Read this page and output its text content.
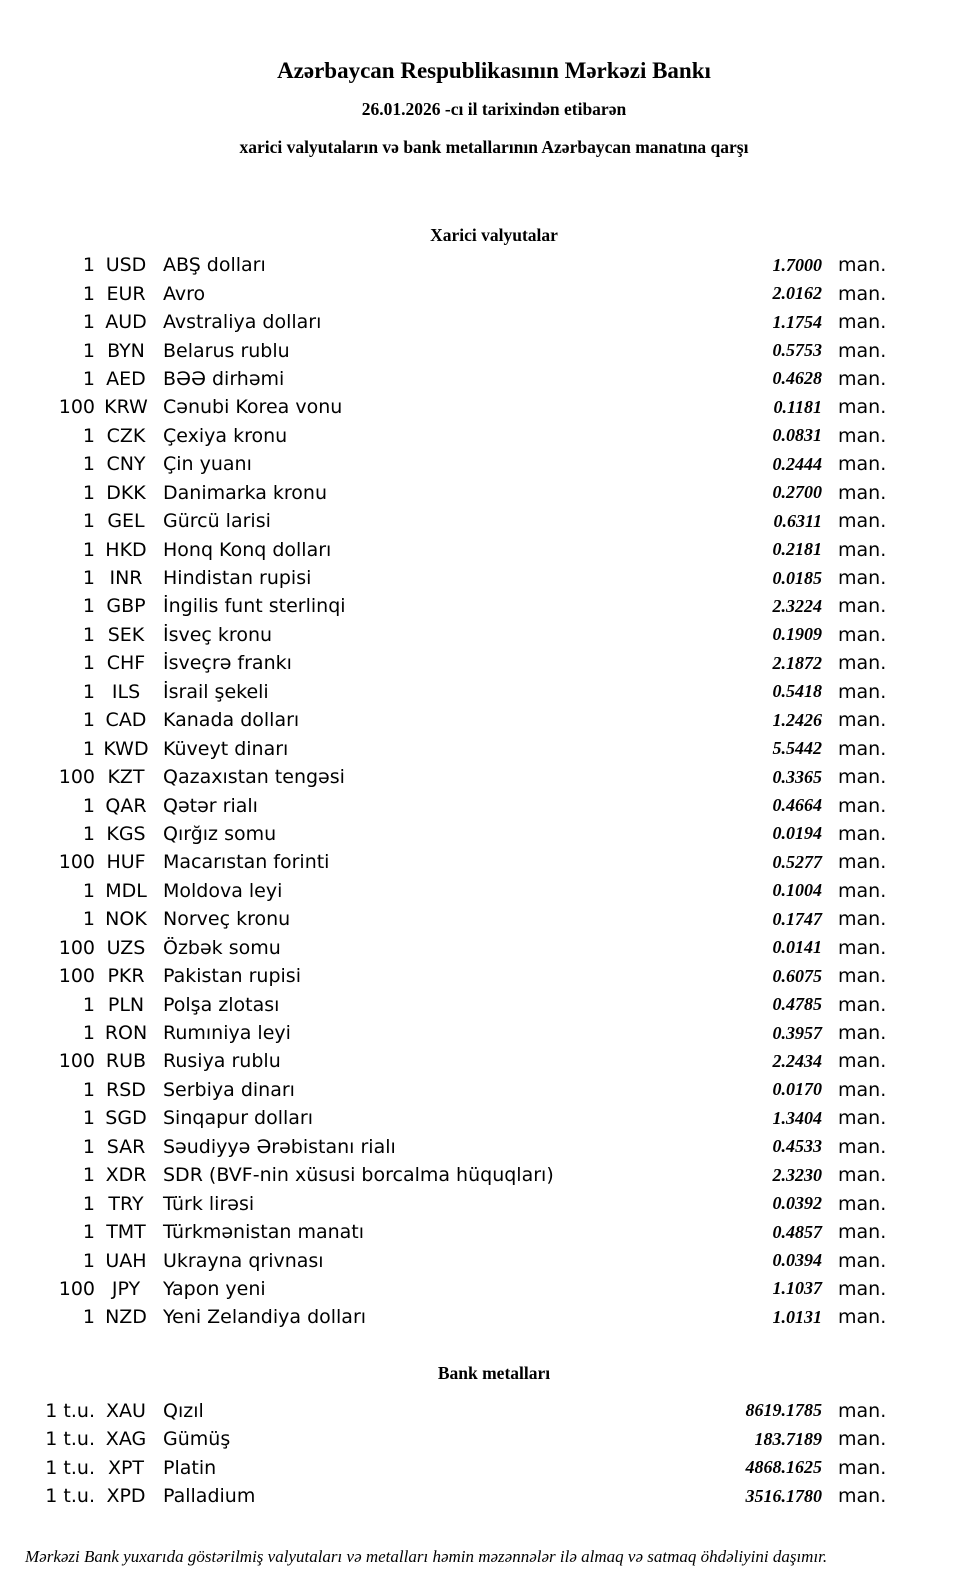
Azərbaycan Respublikasının Mərkəzi Bankı
26.01.2026 -cı il tarixindən etibarən
xarici valyutaların və bank metallarının Azərbaycan manatına qarşı
Xarici valyutalar
1 USD ABŞ dolları	1.7000 man.
1 EUR Avro	2.0162 man.
1 AUD Avstraliya dolları	1.1754 man.
1 BYN Belarus rublu	0.5753 man.
1 AED BƏƏ dirhəmi	0.4628 man.
100 KRW Cənubi Korea vonu	0.1181 man.
1 CZK Çexiya kronu	0.0831 man.
1 CNY Çin yuanı	0.2444 man.
1 DKK Danimarka kronu	0.2700 man.
1 GEL Gürcü larisi	0.6311 man.
1 HKD Honq Konq dolları	0.2181 man.
1 INR	Hindistan rupisi	0.0185 man.
1 GBP İngilis funt sterlinqi	2.3224 man.
1 SEK İsveç kronu	0.1909 man.
1 CHF İsveçrə frankı	2.1872 man.
1 ILS	İsrail şekeli	0.5418 man.
1 CAD Kanada dolları	1.2426 man.
1 KWD Küveyt dinarı	5.5442 man.
100 KZT Qazaxıstan tengəsi	0.3365 man.
1 QAR Qətər rialı	0.4664 man.
1 KGS Qırğız somu	0.0194 man.
100 HUF Macarıstan forinti	0.5277 man.
1 MDL Moldova leyi	0.1004 man.
1 NOK Norveç kronu	0.1747 man.
100 UZS Özbək somu	0.0141 man.
100 PKR Pakistan rupisi	0.6075 man.
1 PLN Polşa zlotası	0.4785 man.
1 RON Rumıniya leyi	0.3957 man.
100 RUB Rusiya rublu	2.2434 man.
1 RSD Serbiya dinarı	0.0170 man.
1 SGD Sinqapur dolları	1.3404 man.
1 SAR Səudiyyə Ərəbistanı rialı	0.4533 man.
1 XDR SDR (BVF-nin xüsusi borcalma hüquqları)	2.3230 man.
1 TRY	Türk lirəsi	0.0392 man.
1 TMT Türkmənistan manatı	0.4857 man.
1 UAH Ukrayna qrivnası	0.0394 man.
100 JPY	Yapon yeni	1.1037 man.
1 NZD Yeni Zelandiya dolları	1.0131 man.
Bank metalları
1 t.u. XAU Qızıl	8619.1785 man.
1 t.u. XAG Gümüş	183.7189 man.
1 t.u. XPT Platin	4868.1625 man.
1 t.u. XPD Palladium	3516.1780 man.
Mərkəzi Bank yuxarıda göstərilmiş valyutaları və metalları həmin məzənnələr ilə almaq və satmaq öhdəliyini daşımır.
